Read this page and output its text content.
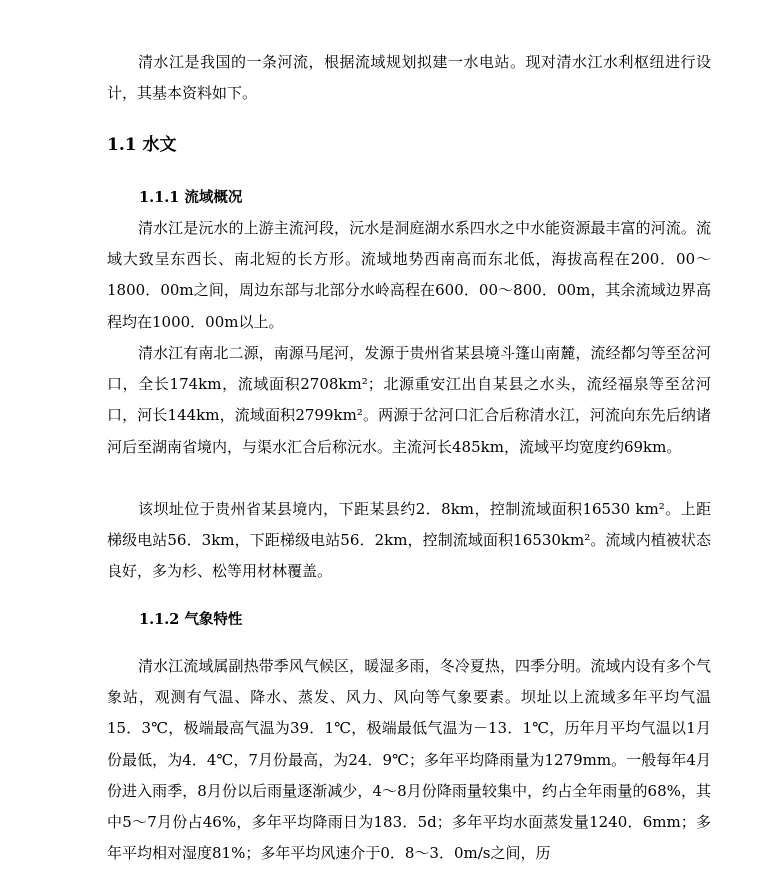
清水江是我国的一条河流，根据流域规划拟建一水电站。现对清水江水利枢纽进行设计，其基本资料如下。

1.1 水文
1.1.1 流域概况

清水江是沅水的上游主流河段，沅水是洞庭湖水系四水之中水能资源最丰富的河流。流域大致呈东西长、南北短的长方形。流域地势西南高而东北低，海拔高程在200．00～1800．00m之间，周边东部与北部分水岭高程在600．00～800．00m，其余流域边界高程均在1000．00m以上。

清水江有南北二源，南源马尾河，发源于贵州省某县境斗篷山南麓，流经都匀等至岔河口，全长174km，流域面积2708km²；北源重安江出自某县之水头，流经福泉等至岔河口，河长144km，流域面积2799km²。两源于岔河口汇合后称清水江，河流向东先后纳诸河后至湖南省境内，与渠水汇合后称沅水。主流河长485km，流域平均宽度约69km。

该坝址位于贵州省某县境内，下距某县约2．8km，控制流域面积16530 km²。上距梯级电站56．3km，下距梯级电站56．2km，控制流域面积16530km²。流域内植被状态良好，多为杉、松等用材林覆盖。

1.1.2 气象特性

清水江流域属副热带季风气候区，暖湿多雨，冬冷夏热，四季分明。流域内设有多个气象站，观测有气温、降水、蒸发、风力、风向等气象要素。坝址以上流域多年平均气温15．3℃，极端最高气温为39．1℃，极端最低气温为－13．1℃，历年月平均气温以1月份最低，为4．4℃，7月份最高，为24．9℃；多年平均降雨量为1279mm。一般每年4月份进入雨季，8月份以后雨量逐渐减少，4～8月份降雨量较集中，约占全年雨量的68%，其中5～7月份占46%，多年平均降雨日为183．5d；多年平均水面蒸发量1240．6mm；多年平均相对湿度81%；多年平均风速介于0．8～3．0m/s之间，历
